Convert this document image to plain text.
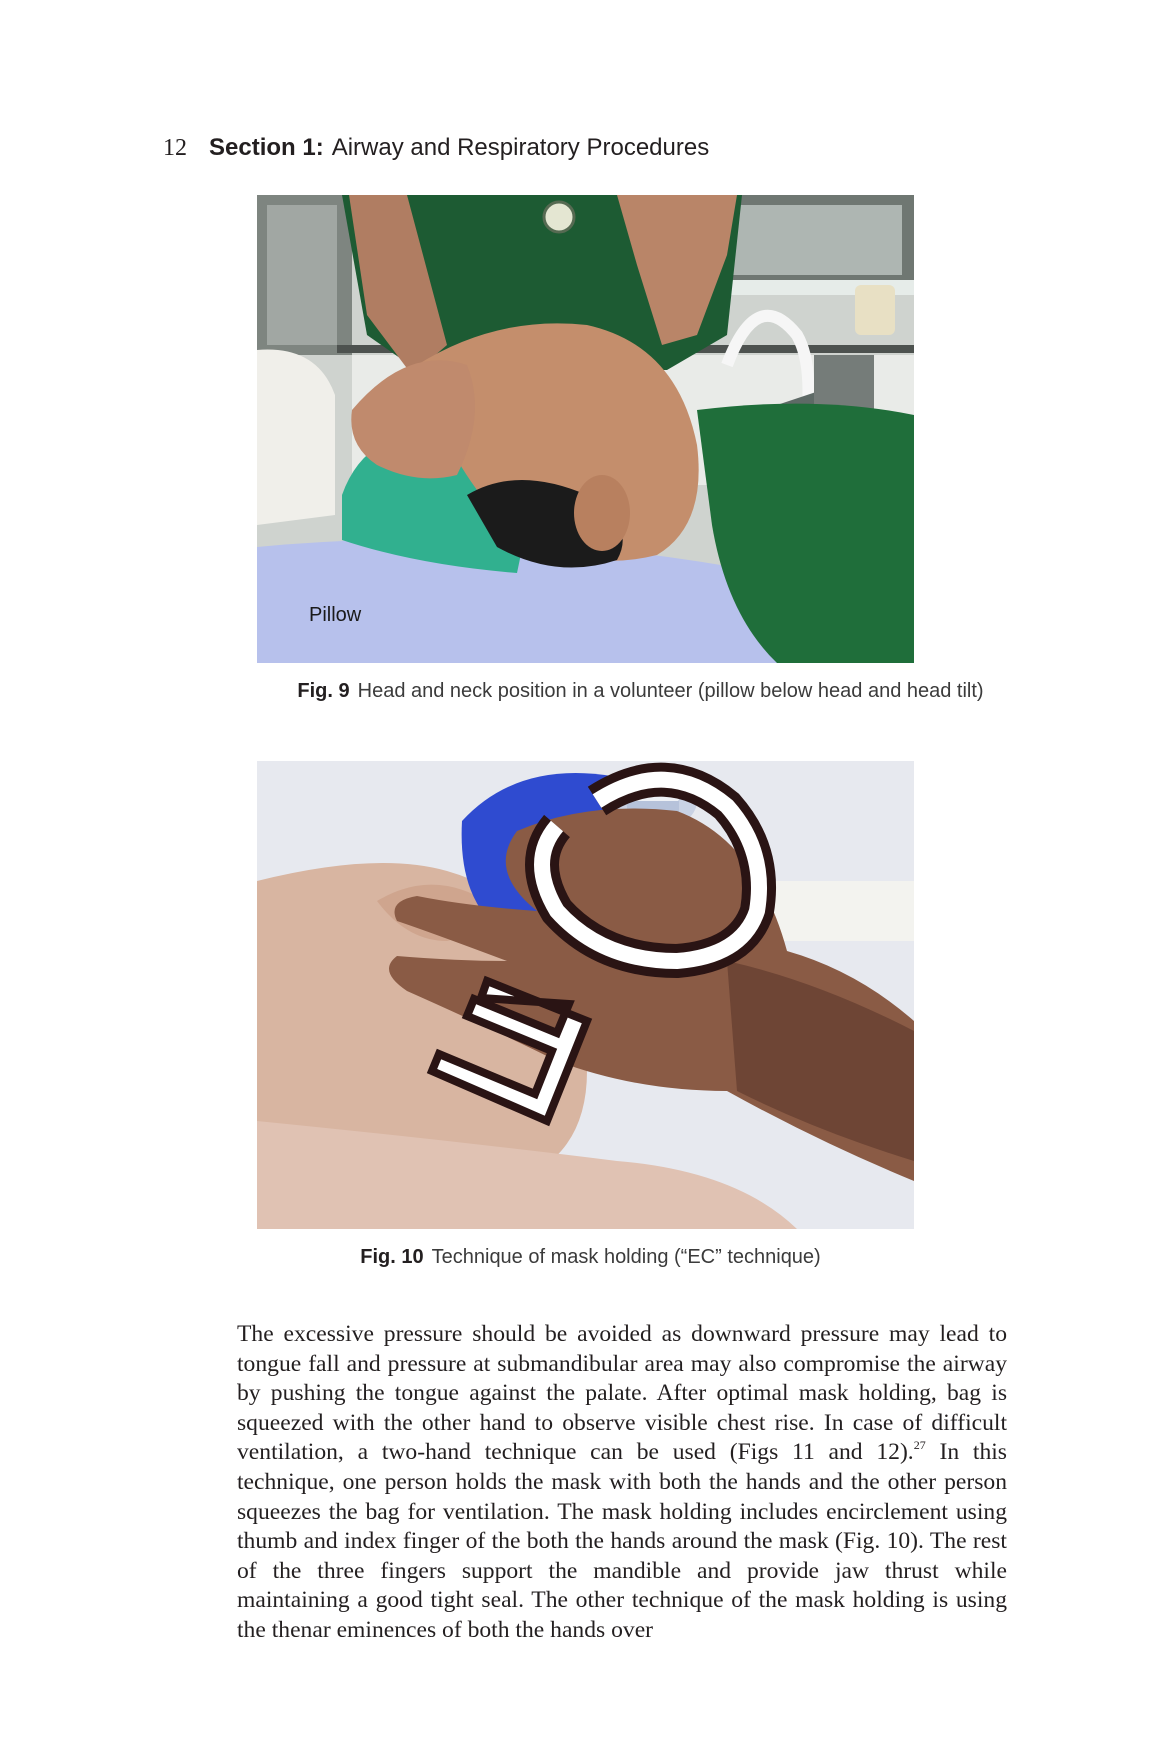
12 Section 1: Airway and Respiratory Procedures
Pillow
Fig. 9 Head and neck position in a volunteer (pillow below head and head tilt)
Fig. 10 Technique of mask holding (“EC” technique)

The excessive pressure should be avoided as downward pressure may lead to tongue fall and pressure at submandibular area may also compromise the airway by pushing the tongue against the palate. After optimal mask holding, bag is squeezed with the other hand to observe visible chest rise. In case of difficult ventilation, a two-hand technique can be used (Figs 11 and 12).$^{27}$ In this technique, one person holds the mask with both the hands and the other person squeezes the bag for ventilation. The mask holding includes encirclement using thumb and index finger of the both the hands around the mask (Fig. 10). The rest of the three fingers support the mandible and provide jaw thrust while maintaining a good tight seal. The other technique of the mask holding is using the thenar eminences of both the hands over
